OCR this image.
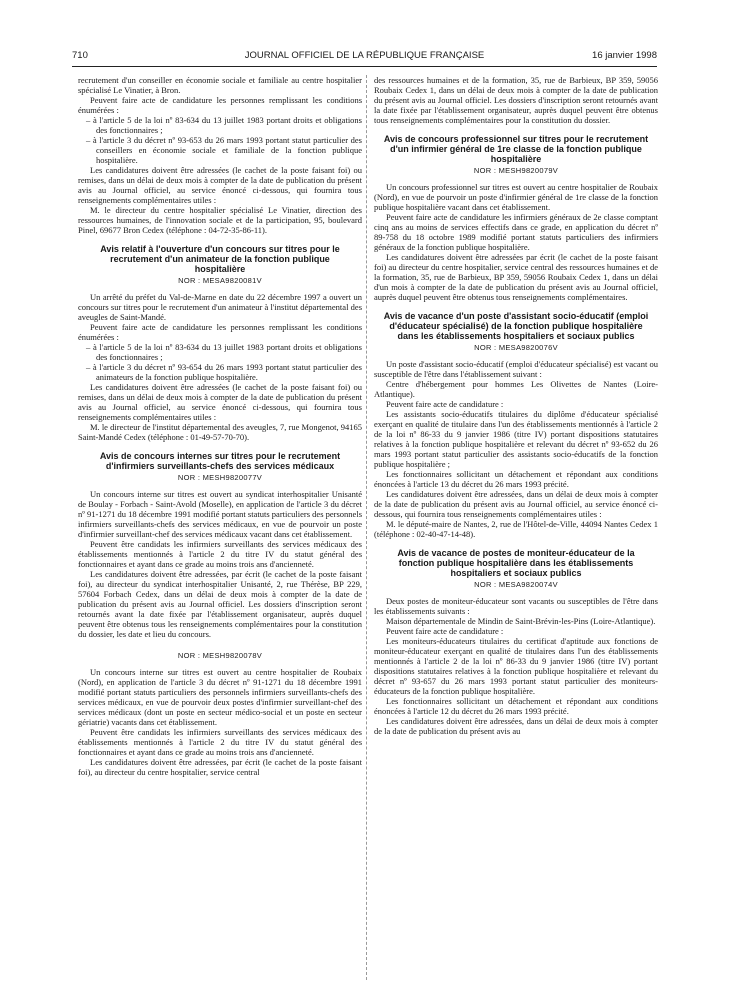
710	JOURNAL OFFICIEL DE LA RÉPUBLIQUE FRANÇAISE	16 janvier 1998

recrutement d'un conseiller en économie sociale et familiale au centre hospitalier spécialisé Le Vinatier, à Bron.

Peuvent faire acte de candidature les personnes remplissant les conditions énumérées :

– à l'article 5 de la loi nº 83-634 du 13 juillet 1983 portant droits et obligations des fonctionnaires ;

– à l'article 3 du décret nº 93-653 du 26 mars 1993 portant statut particulier des conseillers en économie sociale et familiale de la fonction publique hospitalière.

Les candidatures doivent être adressées (le cachet de la poste faisant foi) ou remises, dans un délai de deux mois à compter de la date de publication du présent avis au Journal officiel, au service énoncé ci-dessous, qui fournira tous renseignements complémentaires utiles :

M. le directeur du centre hospitalier spécialisé Le Vinatier, direction des ressources humaines, de l'innovation sociale et de la participation, 95, boulevard Pinel, 69677 Bron Cedex (téléphone : 04-72-35-86-11).

Avis relatif à l'ouverture d'un concours sur titres pour le recrutement d'un animateur de la fonction publique hospitalière
NOR : MESA9820081V

Un arrêté du préfet du Val-de-Marne en date du 22 décembre 1997 a ouvert un concours sur titres pour le recrutement d'un animateur à l'institut départemental des aveugles de Saint-Mandé.

Peuvent faire acte de candidature les personnes remplissant les conditions énumérées :

– à l'article 5 de la loi nº 83-634 du 13 juillet 1983 portant droits et obligations des fonctionnaires ;

– à l'article 3 du décret nº 93-654 du 26 mars 1993 portant statut particulier des animateurs de la fonction publique hospitalière.

Les candidatures doivent être adressées (le cachet de la poste faisant foi) ou remises, dans un délai de deux mois à compter de la date de publication du présent avis au Journal officiel, au service énoncé ci-dessous, qui fournira tous renseignements complémentaires utiles :

M. le directeur de l'institut départemental des aveugles, 7, rue Mongenot, 94165 Saint-Mandé Cedex (téléphone : 01-49-57-70-70).

Avis de concours internes sur titres pour le recrutement d'infirmiers surveillants-chefs des services médicaux
NOR : MESH9820077V

Un concours interne sur titres est ouvert au syndicat interhospitalier Unisanté de Boulay - Forbach - Saint-Avold (Moselle), en application de l'article 3 du décret nº 91-1271 du 18 décembre 1991 modifié portant statuts particuliers des personnels infirmiers surveillants-chefs des services médicaux, en vue de pourvoir un poste d'infirmier surveillant-chef des services médicaux vacant dans cet établissement.

Peuvent être candidats les infirmiers surveillants des services médicaux des établissements mentionnés à l'article 2 du titre IV du statut général des fonctionnaires et ayant dans ce grade au moins trois ans d'ancienneté.

Les candidatures doivent être adressées, par écrit (le cachet de la poste faisant foi), au directeur du syndicat interhospitalier Unisanté, 2, rue Thérèse, BP 229, 57604 Forbach Cedex, dans un délai de deux mois à compter de la date de publication du présent avis au Journal officiel. Les dossiers d'inscription seront retournés avant la date fixée par l'établissement organisateur, auprès duquel peuvent être obtenus tous les renseignements complémentaires pour la constitution du dossier, les date et lieu du concours.

NOR : MESH9820078V

Un concours interne sur titres est ouvert au centre hospitalier de Roubaix (Nord), en application de l'article 3 du décret nº 91-1271 du 18 décembre 1991 modifié portant statuts particuliers des personnels infirmiers surveillants-chefs des services médicaux, en vue de pourvoir deux postes d'infirmier surveillant-chef des services médicaux (dont un poste en secteur médico-social et un poste en secteur gériatrie) vacants dans cet établissement.

Peuvent être candidats les infirmiers surveillants des services médicaux des établissements mentionnés à l'article 2 du titre IV du statut général des fonctionnaires et ayant dans ce grade au moins trois ans d'ancienneté.

Les candidatures doivent être adressées, par écrit (le cachet de la poste faisant foi), au directeur du centre hospitalier, service central

des ressources humaines et de la formation, 35, rue de Barbieux, BP 359, 59056 Roubaix Cedex 1, dans un délai de deux mois à compter de la date de publication du présent avis au Journal officiel. Les dossiers d'inscription seront retournés avant la date fixée par l'établissement organisateur, auprès duquel peuvent être obtenus tous renseignements complémentaires pour la constitution du dossier.

Avis de concours professionnel sur titres pour le recrutement d'un infirmier général de 1re classe de la fonction publique hospitalière
NOR : MESH9820079V

Un concours professionnel sur titres est ouvert au centre hospitalier de Roubaix (Nord), en vue de pourvoir un poste d'infirmier général de 1re classe de la fonction publique hospitalière vacant dans cet établissement.

Peuvent faire acte de candidature les infirmiers généraux de 2e classe comptant cinq ans au moins de services effectifs dans ce grade, en application du décret nº 89-758 du 18 octobre 1989 modifié portant statuts particuliers des infirmiers généraux de la fonction publique hospitalière.

Les candidatures doivent être adressées par écrit (le cachet de la poste faisant foi) au directeur du centre hospitalier, service central des ressources humaines et de la formation, 35, rue de Barbieux, BP 359, 59056 Roubaix Cedex 1, dans un délai d'un mois à compter de la date de publication du présent avis au Journal officiel, auprès duquel peuvent être obtenus tous renseignements complémentaires.

Avis de vacance d'un poste d'assistant socio-éducatif (emploi d'éducateur spécialisé) de la fonction publique hospitalière dans les établissements hospitaliers et sociaux publics
NOR : MESA9820076V

Un poste d'assistant socio-éducatif (emploi d'éducateur spécialisé) est vacant ou susceptible de l'être dans l'établissement suivant :

Centre d'hébergement pour hommes Les Olivettes de Nantes (Loire-Atlantique).

Peuvent faire acte de candidature :

Les assistants socio-éducatifs titulaires du diplôme d'éducateur spécialisé exerçant en qualité de titulaire dans l'un des établissements mentionnés à l'article 2 de la loi nº 86-33 du 9 janvier 1986 (titre IV) portant dispositions statutaires relatives à la fonction publique hospitalière et relevant du décret nº 93-652 du 26 mars 1993 portant statut particulier des assistants socio-éducatifs de la fonction publique hospitalière ;

Les fonctionnaires sollicitant un détachement et répondant aux conditions énoncées à l'article 13 du décret du 26 mars 1993 précité.

Les candidatures doivent être adressées, dans un délai de deux mois à compter de la date de publication du présent avis au Journal officiel, au service énoncé ci-dessous, qui fournira tous renseignements complémentaires utiles :

M. le député-maire de Nantes, 2, rue de l'Hôtel-de-Ville, 44094 Nantes Cedex 1 (téléphone : 02-40-47-14-48).

Avis de vacance de postes de moniteur-éducateur de la fonction publique hospitalière dans les établissements hospitaliers et sociaux publics
NOR : MESA9820074V

Deux postes de moniteur-éducateur sont vacants ou susceptibles de l'être dans les établissements suivants :

Maison départementale de Mindin de Saint-Brévin-les-Pins (Loire-Atlantique).

Peuvent faire acte de candidature :

Les moniteurs-éducateurs titulaires du certificat d'aptitude aux fonctions de moniteur-éducateur exerçant en qualité de titulaires dans l'un des établissements mentionnés à l'article 2 de la loi nº 86-33 du 9 janvier 1986 (titre IV) portant dispositions statutaires relatives à la fonction publique hospitalière et relevant du décret nº 93-657 du 26 mars 1993 portant statut particulier des moniteurs-éducateurs de la fonction publique hospitalière.

Les fonctionnaires sollicitant un détachement et répondant aux conditions énoncées à l'article 12 du décret du 26 mars 1993 précité.

Les candidatures doivent être adressées, dans un délai de deux mois à compter de la date de publication du présent avis au
